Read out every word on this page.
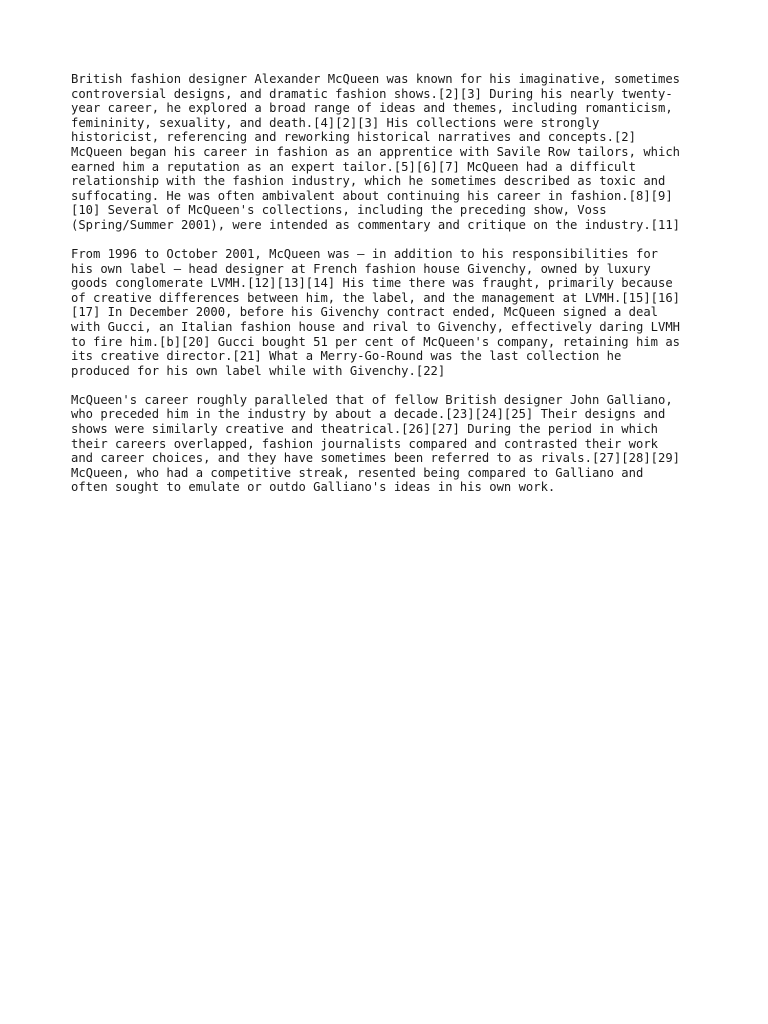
British fashion designer Alexander McQueen was known for his imaginative, sometimes
controversial designs, and dramatic fashion shows.[2][3] During his nearly twenty-
year career, he explored a broad range of ideas and themes, including romanticism,
femininity, sexuality, and death.[4][2][3] His collections were strongly
historicist, referencing and reworking historical narratives and concepts.[2]
McQueen began his career in fashion as an apprentice with Savile Row tailors, which
earned him a reputation as an expert tailor.[5][6][7] McQueen had a difficult
relationship with the fashion industry, which he sometimes described as toxic and
suffocating. He was often ambivalent about continuing his career in fashion.[8][9]
[10] Several of McQueen's collections, including the preceding show, Voss
(Spring/Summer 2001), were intended as commentary and critique on the industry.[11]

From 1996 to October 2001, McQueen was – in addition to his responsibilities for
his own label – head designer at French fashion house Givenchy, owned by luxury
goods conglomerate LVMH.[12][13][14] His time there was fraught, primarily because
of creative differences between him, the label, and the management at LVMH.[15][16]
[17] In December 2000, before his Givenchy contract ended, McQueen signed a deal
with Gucci, an Italian fashion house and rival to Givenchy, effectively daring LVMH
to fire him.[b][20] Gucci bought 51 per cent of McQueen's company, retaining him as
its creative director.[21] What a Merry-Go-Round was the last collection he
produced for his own label while with Givenchy.[22]

McQueen's career roughly paralleled that of fellow British designer John Galliano,
who preceded him in the industry by about a decade.[23][24][25] Their designs and
shows were similarly creative and theatrical.[26][27] During the period in which
their careers overlapped, fashion journalists compared and contrasted their work
and career choices, and they have sometimes been referred to as rivals.[27][28][29]
McQueen, who had a competitive streak, resented being compared to Galliano and
often sought to emulate or outdo Galliano's ideas in his own work.
